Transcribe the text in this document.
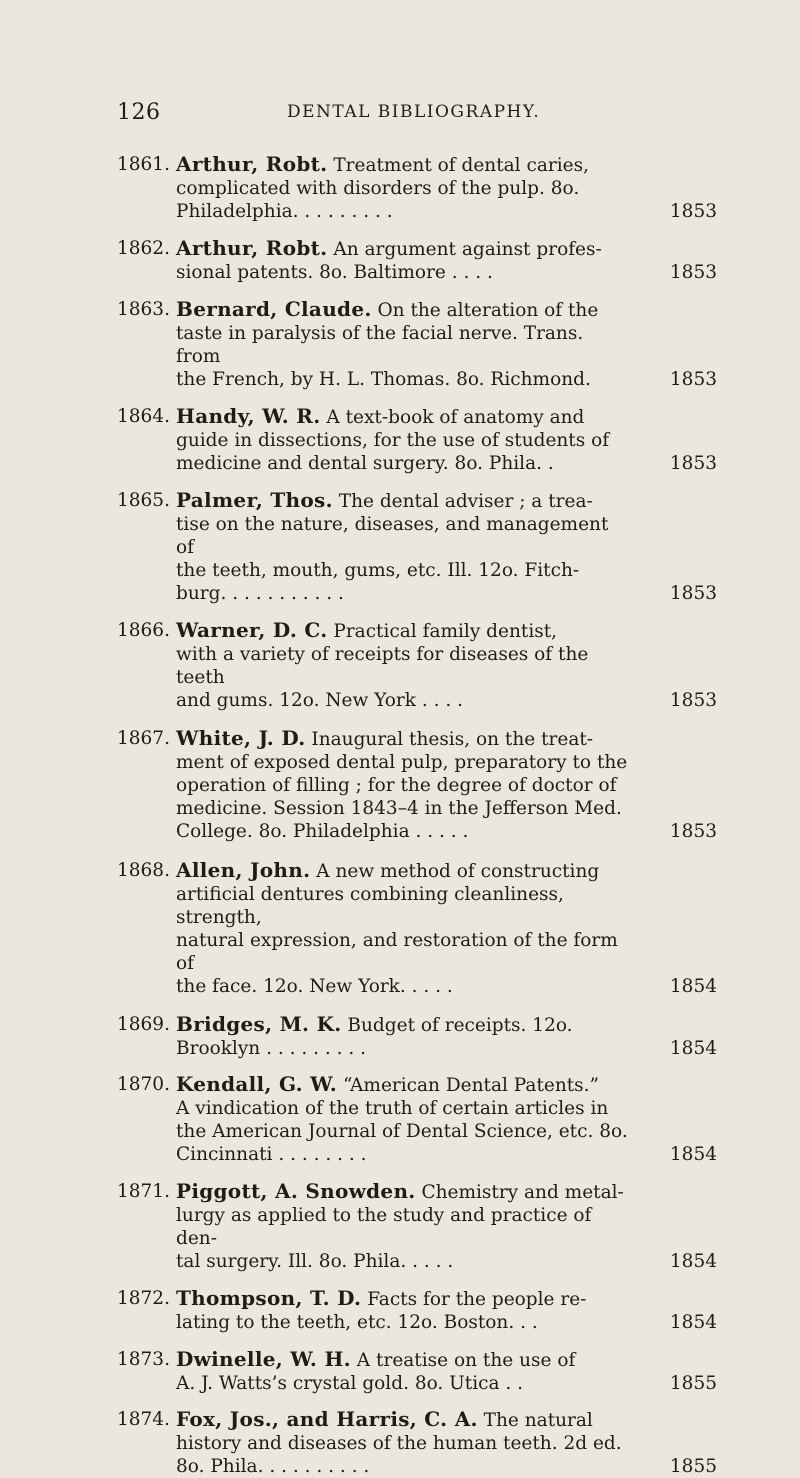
126	DENTAL BIBLIOGRAPHY.
1861. Arthur, Robt. Treatment of dental caries,
complicated with disorders of the pulp. 8o.
Philadelphia. . . . . . . . .	1853
1862. Arthur, Robt. An argument against profes-
sional patents. 8o. Baltimore . . . .	1853
1863. Bernard, Claude. On the alteration of the
taste in paralysis of the facial nerve. Trans. from
the French, by H. L. Thomas. 8o. Richmond.	1853
1864. Handy, W. R. A text-book of anatomy and
guide in dissections, for the use of students of
medicine and dental surgery. 8o. Phila. .	1853
1865. Palmer, Thos. The dental adviser ; a trea-
tise on the nature, diseases, and management of
the teeth, mouth, gums, etc. Ill. 12o. Fitch-
burg. . . . . . . . . . .	1853
1866. Warner, D. C. Practical family dentist,
with a variety of receipts for diseases of the teeth
and gums. 12o. New York . . . .	1853
1867. White, J. D. Inaugural thesis, on the treat-
ment of exposed dental pulp, preparatory to the
operation of filling ; for the degree of doctor of
medicine. Session 1843–4 in the Jefferson Med.
College. 8o. Philadelphia . . . . .	1853
1868. Allen, John. A new method of constructing
artificial dentures combining cleanliness, strength,
natural expression, and restoration of the form of
the face. 12o. New York. . . . .	1854
1869. Bridges, M. K. Budget of receipts. 12o.
Brooklyn . . . . . . . . .	1854
1870. Kendall, G. W. “American Dental Patents.”
A vindication of the truth of certain articles in
the American Journal of Dental Science, etc. 8o.
Cincinnati . . . . . . . .	1854
1871. Piggott, A. Snowden. Chemistry and metal-
lurgy as applied to the study and practice of den-
tal surgery. Ill. 8o. Phila. . . . .	1854
1872. Thompson, T. D. Facts for the people re-
lating to the teeth, etc. 12o. Boston. . .	1854
1873. Dwinelle, W. H. A treatise on the use of
A. J. Watts’s crystal gold. 8o. Utica . .	1855
1874. Fox, Jos., and Harris, C. A. The natural
history and diseases of the human teeth. 2d ed.
8o. Phila. . . . . . . . . .	1855
